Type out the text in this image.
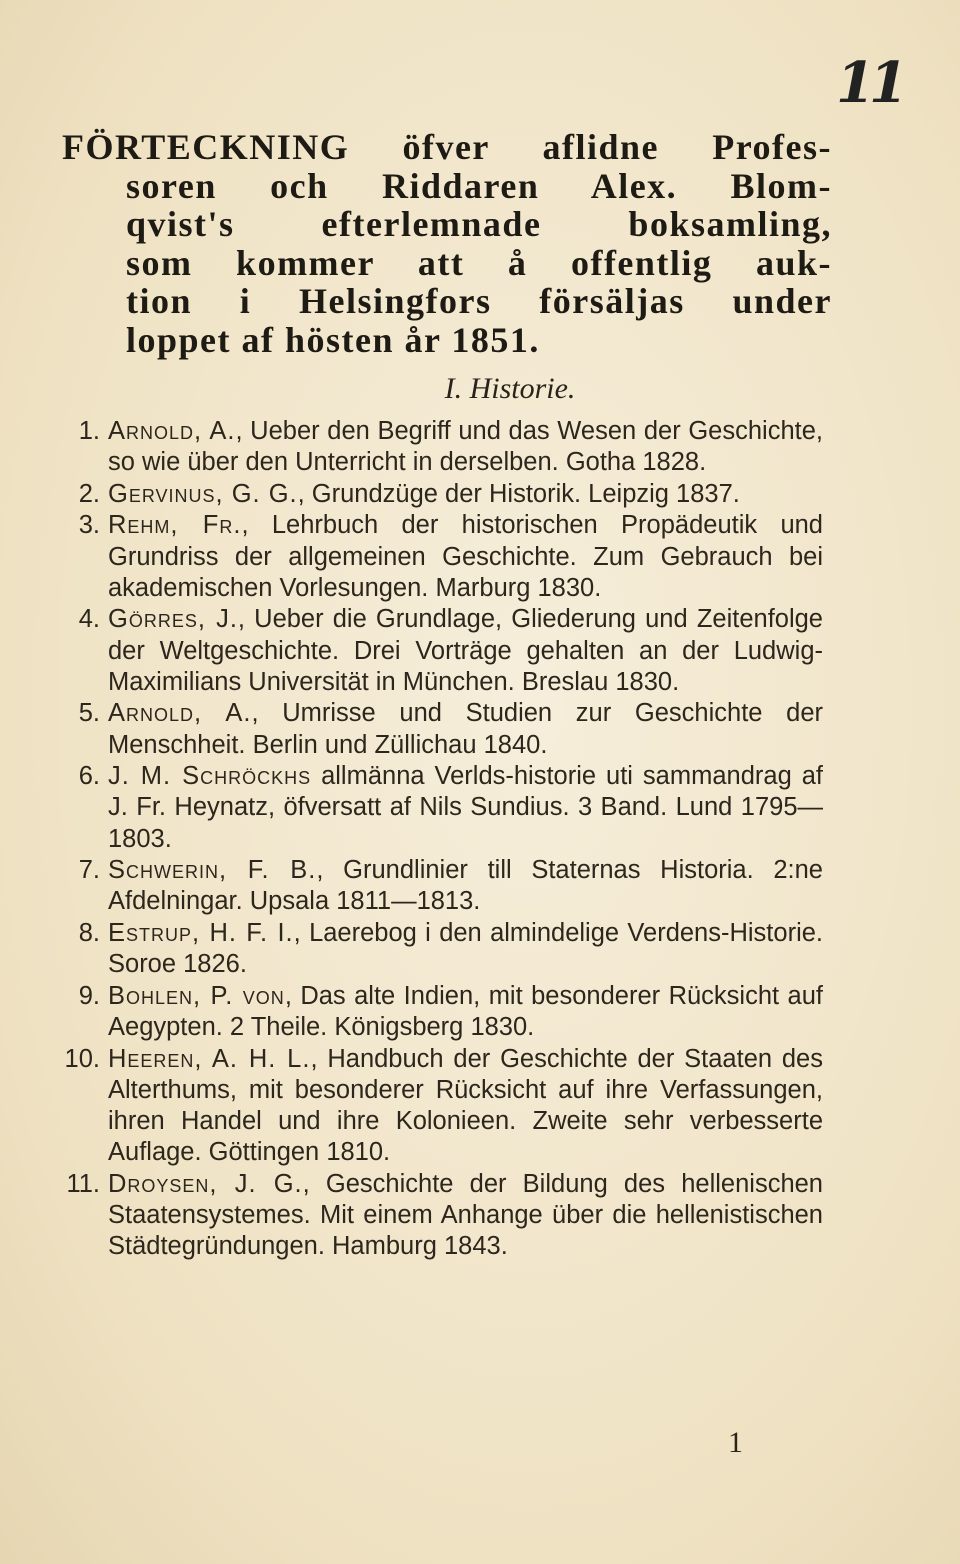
11
FÖRTECKNING öfver aflidne Profes-
soren och Riddaren Alex. Blom-
qvist's efterlemnade boksamling,
som kommer att å offentlig auk-
tion i Helsingfors försäljas under
loppet af hösten år 1851.
I. Historie.
1. Arnold, A., Ueber den Begriff und das Wesen der Geschichte, so wie über den Unterricht in derselben. Gotha 1828.
2. Gervinus, G. G., Grundzüge der Historik. Leipzig 1837.
3. Rehm, Fr., Lehrbuch der historischen Propädeutik und Grundriss der allgemeinen Geschichte. Zum Gebrauch bei akademischen Vorlesungen. Marburg 1830.
4. Görres, J., Ueber die Grundlage, Gliederung und Zeitenfolge der Weltgeschichte. Drei Vorträge gehalten an der Ludwig-Maximilians Universität in München. Breslau 1830.
5. Arnold, A., Umrisse und Studien zur Geschichte der Menschheit. Berlin und Züllichau 1840.
6. J. M. Schröckhs allmänna Verlds-historie uti sammandrag af J. Fr. Heynatz, öfversatt af Nils Sundius. 3 Band. Lund 1795—1803.
7. Schwerin, F. B., Grundlinier till Staternas Historia. 2:ne Afdelningar. Upsala 1811—1813.
8. Estrup, H. F. I., Laerebog i den almindelige Verdens-Historie. Soroe 1826.
9. Bohlen, P. von, Das alte Indien, mit besonderer Rücksicht auf Aegypten. 2 Theile. Königsberg 1830.
10. Heeren, A. H. L., Handbuch der Geschichte der Staaten des Alterthums, mit besonderer Rücksicht auf ihre Verfassungen, ihren Handel und ihre Kolonieen. Zweite sehr verbesserte Auflage. Göttingen 1810.
11. Droysen, J. G., Geschichte der Bildung des hellenischen Staatensystemes. Mit einem Anhange über die hellenistischen Städtegründungen. Hamburg 1843.
1
